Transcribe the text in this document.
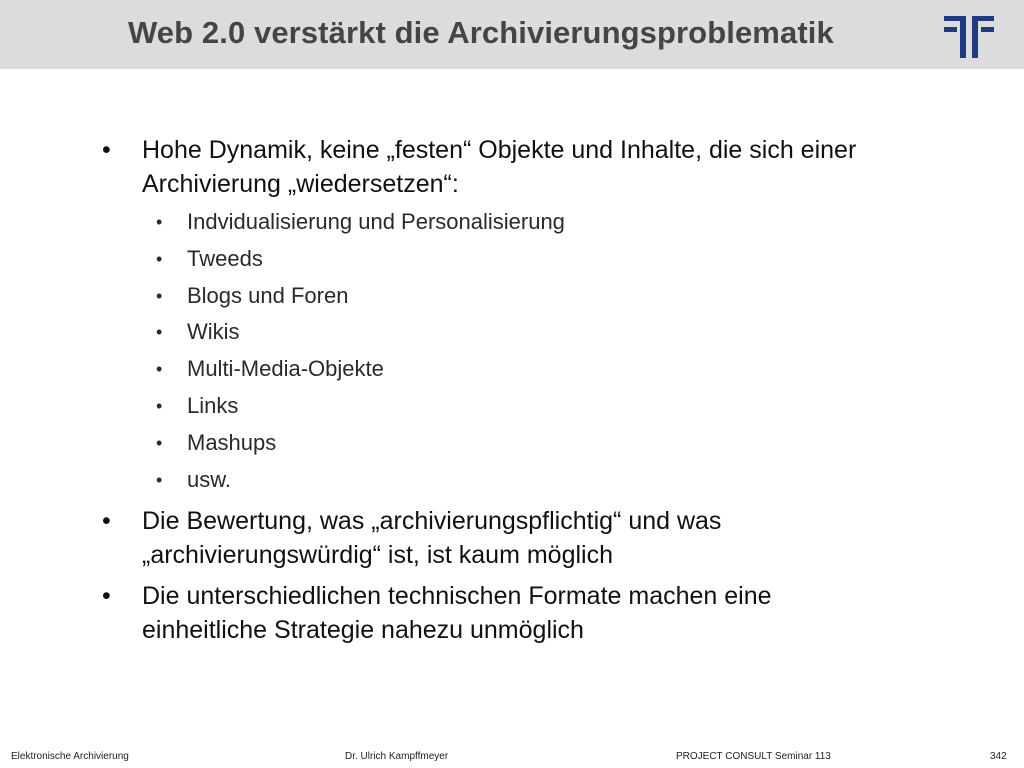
Web 2.0 verstärkt die Archivierungsproblematik
• Hohe Dynamik, keine „festen“ Objekte und Inhalte, die sich einer Archivierung „wiedersetzen“:
• Indvidualisierung und Personalisierung
• Tweeds
• Blogs und Foren
• Wikis
• Multi-Media-Objekte
• Links
• Mashups
• usw.
• Die Bewertung, was „archivierungspflichtig“ und was „archivierungswürdig“ ist, ist kaum möglich
• Die unterschiedlichen technischen Formate machen eine einheitliche Strategie nahezu unmöglich
Elektronische Archivierung	Dr. Ulrich Kampffmeyer	PROJECT CONSULT Seminar 113	342
